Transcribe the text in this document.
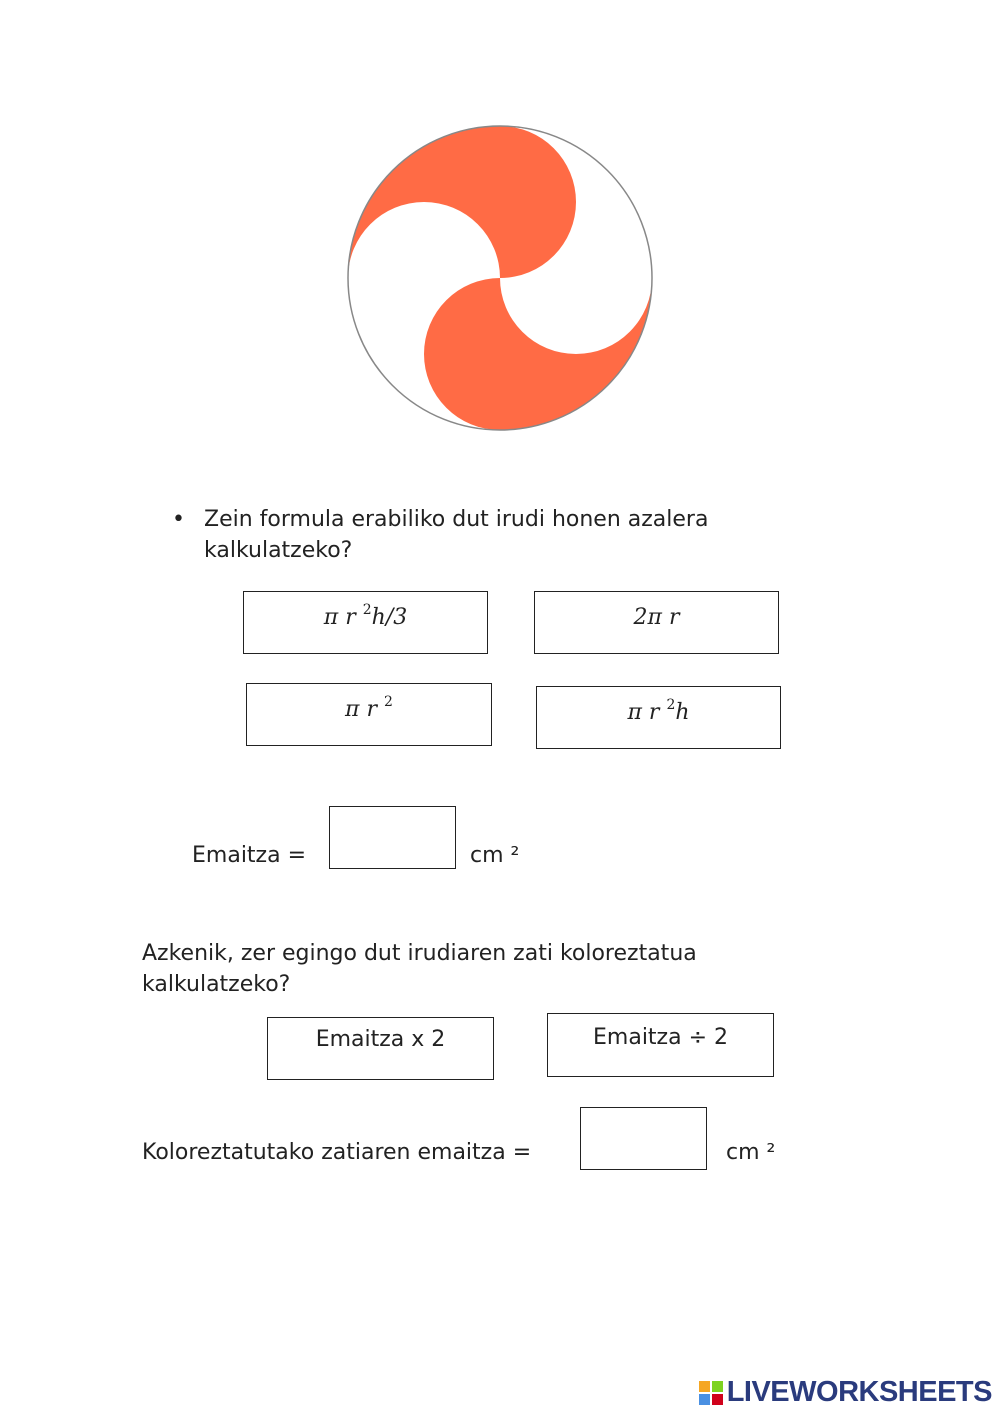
• Zein formula erabiliko dut irudi honen azalera kalkulatzeko?
π r $^2$h/3	2π r
π r $^2$	π r $^2$h
Emaitza =	cm ²
Azkenik, zer egingo dut irudiaren zati koloreztatua kalkulatzeko?
Emaitza x 2	Emaitza ÷ 2
Koloreztatutako zatiaren emaitza =	cm ²
LIVEWORKSHEETS
